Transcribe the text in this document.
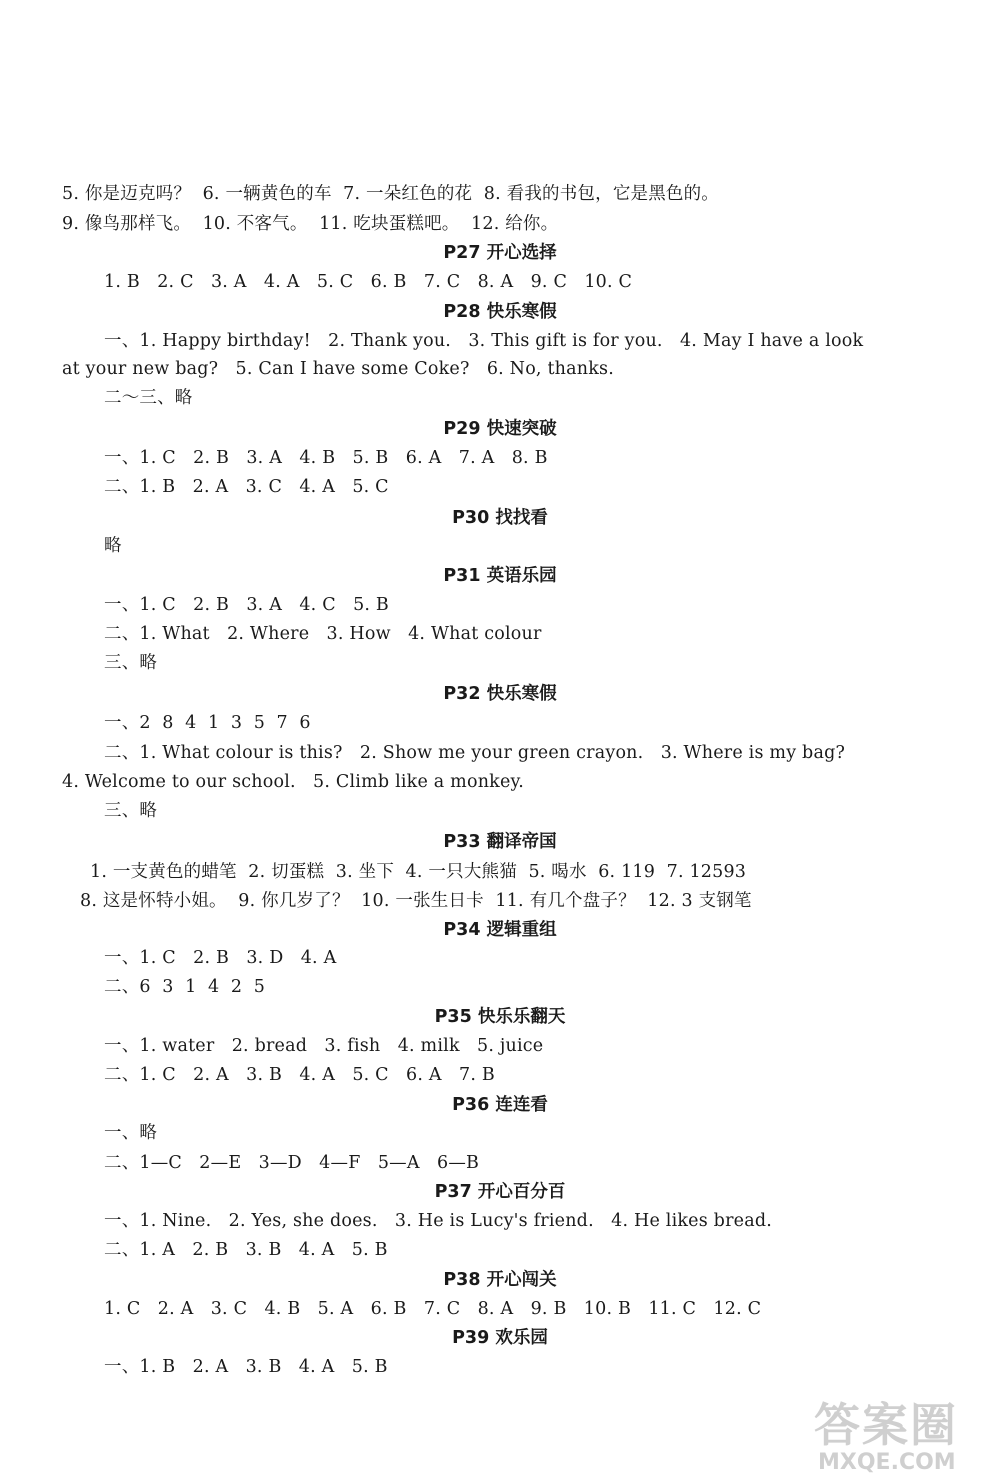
5. 你是迈克吗？  6. 一辆黄色的车  7. 一朵红色的花  8. 看我的书包，它是黑色的。
9. 像鸟那样飞。  10. 不客气。  11. 吃块蛋糕吧。  12. 给你。
P27 开心选择
1. B   2. C   3. A   4. A   5. C   6. B   7. C   8. A   9. C   10. C
P28 快乐寒假
一、1. Happy birthday!   2. Thank you.   3. This gift is for you.   4. May I have a look
at your new bag?   5. Can I have some Coke?   6. No, thanks.
二～三、略
P29 快速突破
一、1. C   2. B   3. A   4. B   5. B   6. A   7. A   8. B
二、1. B   2. A   3. C   4. A   5. C
P30 找找看
略
P31 英语乐园
一、1. C   2. B   3. A   4. C   5. B
二、1. What   2. Where   3. How   4. What colour
三、略
P32 快乐寒假
一、2  8  4  1  3  5  7  6
二、1. What colour is this?   2. Show me your green crayon.   3. Where is my bag?
4. Welcome to our school.   5. Climb like a monkey.
三、略
P33 翻译帝国
1. 一支黄色的蜡笔  2. 切蛋糕  3. 坐下  4. 一只大熊猫  5. 喝水  6. 119  7. 12593
8. 这是怀特小姐。  9. 你几岁了？  10. 一张生日卡  11. 有几个盘子？  12. 3 支钢笔
P34 逻辑重组
一、1. C   2. B   3. D   4. A
二、6  3  1  4  2  5
P35 快乐乐翻天
一、1. water   2. bread   3. fish   4. milk   5. juice
二、1. C   2. A   3. B   4. A   5. C   6. A   7. B
P36 连连看
一、略
二、1—C   2—E   3—D   4—F   5—A   6—B
P37 开心百分百
一、1. Nine.   2. Yes, she does.   3. He is Lucy's friend.   4. He likes bread.
二、1. A   2. B   3. B   4. A   5. B
P38 开心闯关
1. C   2. A   3. C   4. B   5. A   6. B   7. C   8. A   9. B   10. B   11. C   12. C
P39 欢乐园
一、1. B   2. A   3. B   4. A   5. B
答案圈
MXQE.COM
